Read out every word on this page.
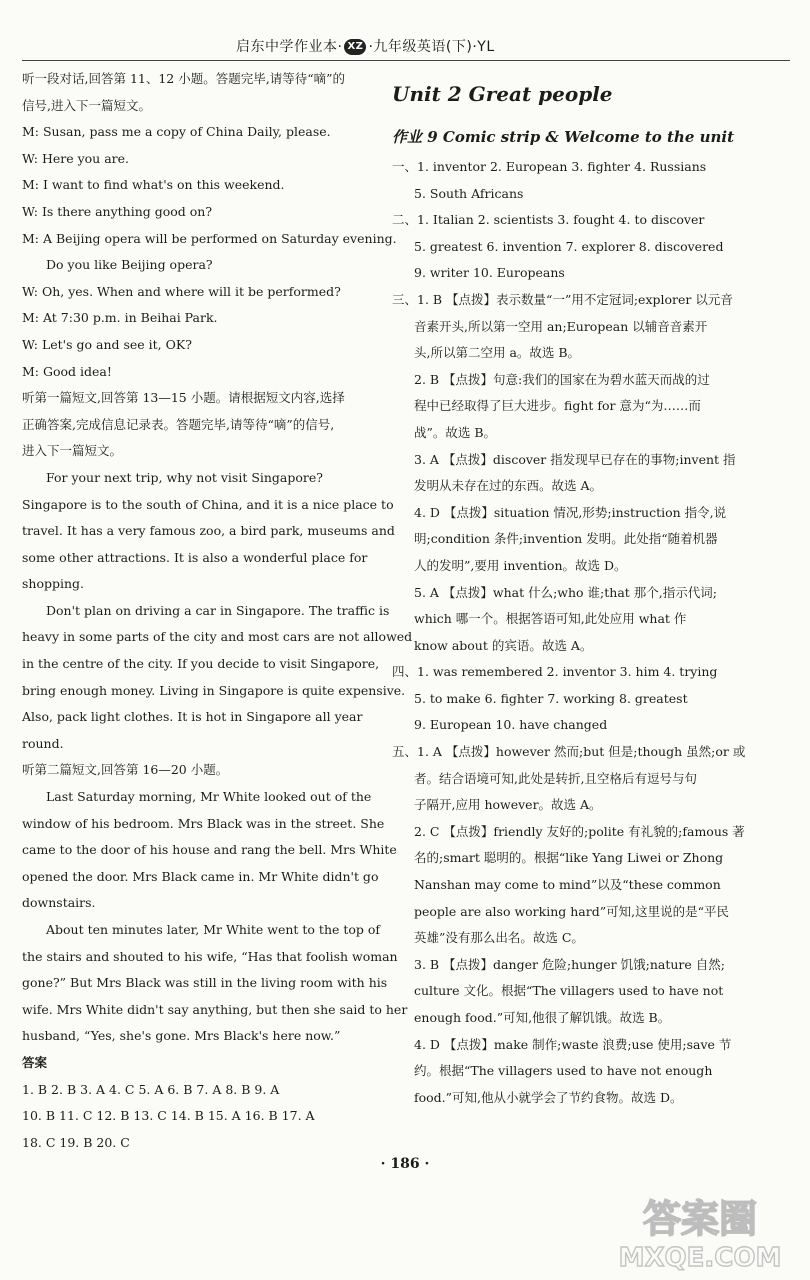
启东中学作业本· XZ ·九年级英语(下)·YL
听一段对话,回答第 11、12 小题。答题完毕,请等待“嘀”的
信号,进入下一篇短文。
M: Susan, pass me a copy of China Daily, please.
W: Here you are.
M: I want to find what's on this weekend.
W: Is there anything good on?
M: A Beijing opera will be performed on Saturday evening.
Do you like Beijing opera?
W: Oh, yes. When and where will it be performed?
M: At 7:30 p.m. in Beihai Park.
W: Let's go and see it, OK?
M: Good idea!
听第一篇短文,回答第 13—15 小题。请根据短文内容,选择
正确答案,完成信息记录表。答题完毕,请等待“嘀”的信号,
进入下一篇短文。
For your next trip, why not visit Singapore?
Singapore is to the south of China, and it is a nice place to
travel. It has a very famous zoo, a bird park, museums and
some other attractions. It is also a wonderful place for
shopping.
Don't plan on driving a car in Singapore. The traffic is
heavy in some parts of the city and most cars are not allowed
in the centre of the city. If you decide to visit Singapore,
bring enough money. Living in Singapore is quite expensive.
Also, pack light clothes. It is hot in Singapore all year
round.
听第二篇短文,回答第 16—20 小题。
Last Saturday morning, Mr White looked out of the
window of his bedroom. Mrs Black was in the street. She
came to the door of his house and rang the bell. Mrs White
opened the door. Mrs Black came in. Mr White didn't go
downstairs.
About ten minutes later, Mr White went to the top of
the stairs and shouted to his wife, “Has that foolish woman
gone?” But Mrs Black was still in the living room with his
wife. Mrs White didn't say anything, but then she said to her
husband, “Yes, she's gone. Mrs Black's here now.”
答案
1. B 2. B 3. A 4. C 5. A 6. B 7. A 8. B 9. A
10. B 11. C 12. B 13. C 14. B 15. A 16. B 17. A
18. C 19. B 20. C
Unit 2 Great people
作业 9 Comic strip & Welcome to the unit
一、1. inventor 2. European 3. fighter 4. Russians
5. South Africans
二、1. Italian 2. scientists 3. fought 4. to discover
5. greatest 6. invention 7. explorer 8. discovered
9. writer 10. Europeans
三、1. B 【点拨】表示数量“一”用不定冠词;explorer 以元音
音素开头,所以第一空用 an;European 以辅音音素开
头,所以第二空用 a。故选 B。
2. B 【点拨】句意:我们的国家在为碧水蓝天而战的过
程中已经取得了巨大进步。fight for 意为“为……而
战”。故选 B。
3. A 【点拨】discover 指发现早已存在的事物;invent 指
发明从未存在过的东西。故选 A。
4. D 【点拨】situation 情况,形势;instruction 指令,说
明;condition 条件;invention 发明。此处指“随着机器
人的发明”,要用 invention。故选 D。
5. A 【点拨】what 什么;who 谁;that 那个,指示代词;
which 哪一个。根据答语可知,此处应用 what 作
know about 的宾语。故选 A。
四、1. was remembered 2. inventor 3. him 4. trying
5. to make 6. fighter 7. working 8. greatest
9. European 10. have changed
五、1. A 【点拨】however 然而;but 但是;though 虽然;or 或
者。结合语境可知,此处是转折,且空格后有逗号与句
子隔开,应用 however。故选 A。
2. C 【点拨】friendly 友好的;polite 有礼貌的;famous 著
名的;smart 聪明的。根据“like Yang Liwei or Zhong
Nanshan may come to mind”以及“these common
people are also working hard”可知,这里说的是“平民
英雄”没有那么出名。故选 C。
3. B 【点拨】danger 危险;hunger 饥饿;nature 自然;
culture 文化。根据“The villagers used to have not
enough food.”可知,他很了解饥饿。故选 B。
4. D 【点拨】make 制作;waste 浪费;use 使用;save 节
约。根据“The villagers used to have not enough
food.”可知,他从小就学会了节约食物。故选 D。
· 186 ·
答案圈
MXQE.COM
